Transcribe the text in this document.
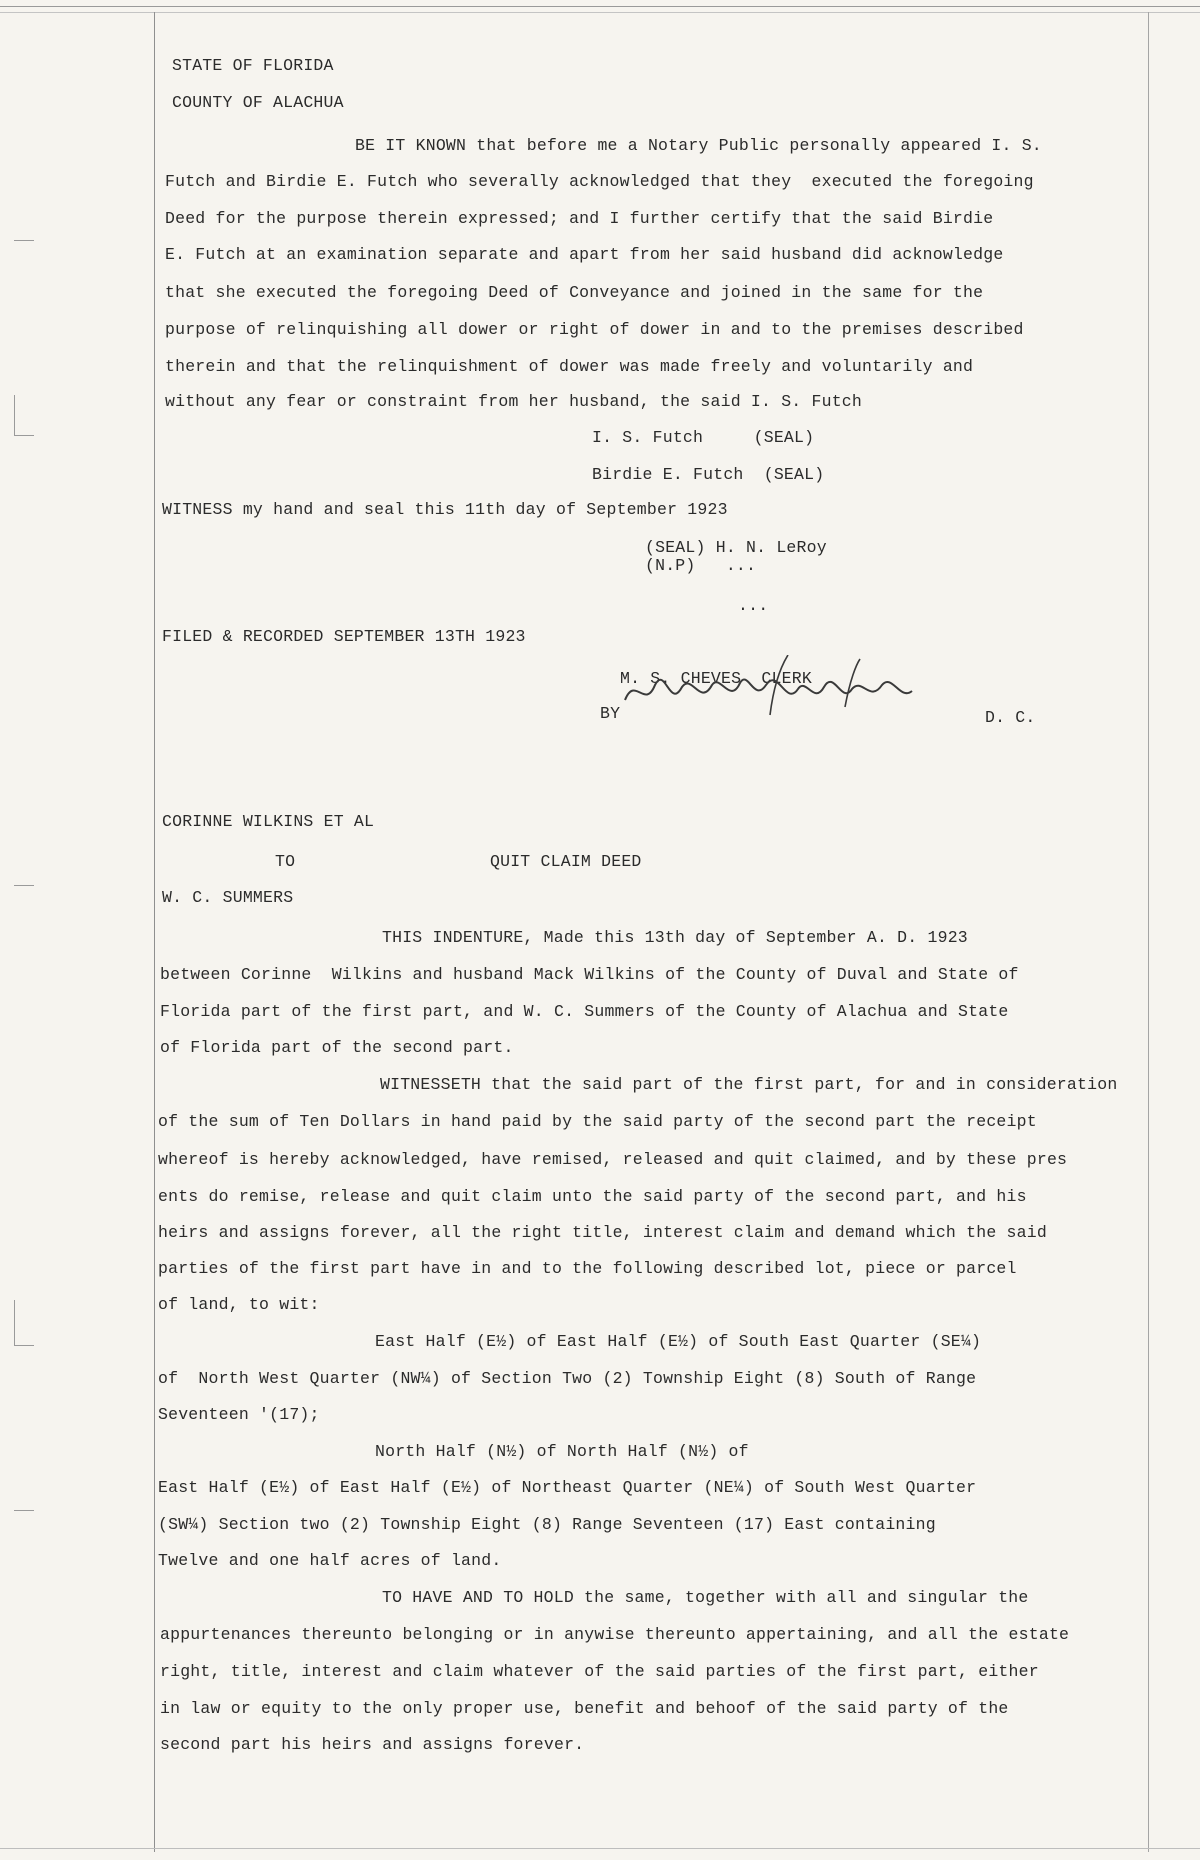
STATE OF FLORIDA
COUNTY OF ALACHUA
BE IT KNOWN that before me a Notary Public personally appeared I. S.
Futch and Birdie E. Futch who severally acknowledged that they  executed the foregoing
Deed for the purpose therein expressed; and I further certify that the said Birdie
E. Futch at an examination separate and apart from her said husband did acknowledge
that she executed the foregoing Deed of Conveyance and joined in the same for the
purpose of relinquishing all dower or right of dower in and to the premises described
therein and that the relinquishment of dower was made freely and voluntarily and
without any fear or constraint from her husband, the said I. S. Futch
I. S. Futch     (SEAL)
Birdie E. Futch  (SEAL)
WITNESS my hand and seal this 11th day of September 1923
(SEAL) H. N. LeRoy
(N.P)   ...
...
FILED & RECORDED SEPTEMBER 13TH 1923
M. S. CHEVES  CLERK
BY	D. C.
CORINNE WILKINS ET AL
TO	QUIT CLAIM DEED
W. C. SUMMERS
THIS INDENTURE, Made this 13th day of September A. D. 1923
between Corinne  Wilkins and husband Mack Wilkins of the County of Duval and State of
Florida part of the first part, and W. C. Summers of the County of Alachua and State
of Florida part of the second part.
WITNESSETH that the said part of the first part, for and in consideration
of the sum of Ten Dollars in hand paid by the said party of the second part the receipt
whereof is hereby acknowledged, have remised, released and quit claimed, and by these pres
ents do remise, release and quit claim unto the said party of the second part, and his
heirs and assigns forever, all the right title, interest claim and demand which the said
parties of the first part have in and to the following described lot, piece or parcel
of land, to wit:
East Half (E½) of East Half (E½) of South East Quarter (SE¼)
of  North West Quarter (NW¼) of Section Two (2) Township Eight (8) South of Range
Seventeen '(17);
North Half (N½) of North Half (N½) of
East Half (E½) of East Half (E½) of Northeast Quarter (NE¼) of South West Quarter
(SW¼) Section two (2) Township Eight (8) Range Seventeen (17) East containing
Twelve and one half acres of land.
TO HAVE AND TO HOLD the same, together with all and singular the
appurtenances thereunto belonging or in anywise thereunto appertaining, and all the estate
right, title, interest and claim whatever of the said parties of the first part, either
in law or equity to the only proper use, benefit and behoof of the said party of the
second part his heirs and assigns forever.
